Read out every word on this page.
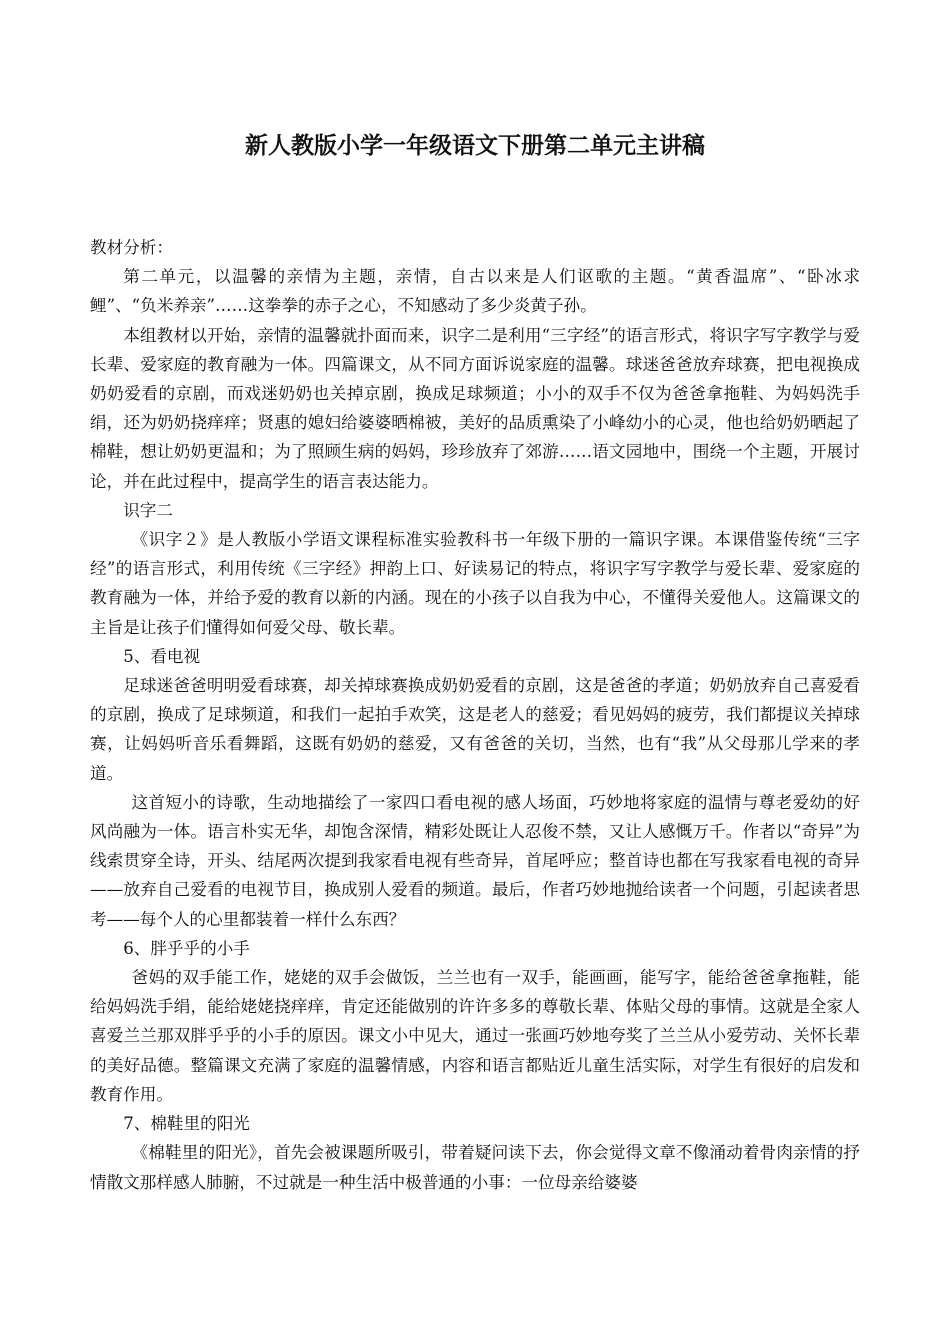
新人教版小学一年级语文下册第二单元主讲稿

教材分析：

第二单元，以温馨的亲情为主题，亲情，自古以来是人们讴歌的主题。“黄香温席”、“卧冰求鲤”、“负米养亲”……这拳拳的赤子之心，不知感动了多少炎黄子孙。

本组教材以开始，亲情的温馨就扑面而来，识字二是利用“三字经”的语言形式，将识字写字教学与爱长辈、爱家庭的教育融为一体。四篇课文，从不同方面诉说家庭的温馨。球迷爸爸放弃球赛，把电视换成奶奶爱看的京剧，而戏迷奶奶也关掉京剧，换成足球频道；小小的双手不仅为爸爸拿拖鞋、为妈妈洗手绢，还为奶奶挠痒痒；贤惠的媳妇给婆婆晒棉被，美好的品质熏染了小峰幼小的心灵，他也给奶奶晒起了棉鞋，想让奶奶更温和；为了照顾生病的妈妈，珍珍放弃了郊游……语文园地中，围绕一个主题，开展讨论，并在此过程中，提高学生的语言表达能力。

识字二

《识字２》是人教版小学语文课程标准实验教科书一年级下册的一篇识字课。本课借鉴传统“三字经”的语言形式，利用传统《三字经》押韵上口、好读易记的特点，将识字写字教学与爱长辈、爱家庭的教育融为一体，并给予爱的教育以新的内涵。现在的小孩子以自我为中心，不懂得关爱他人。这篇课文的主旨是让孩子们懂得如何爱父母、敬长辈。

5、看电视

足球迷爸爸明明爱看球赛，却关掉球赛换成奶奶爱看的京剧，这是爸爸的孝道；奶奶放弃自己喜爱看的京剧，换成了足球频道，和我们一起拍手欢笑，这是老人的慈爱；看见妈妈的疲劳，我们都提议关掉球赛，让妈妈听音乐看舞蹈，这既有奶奶的慈爱，又有爸爸的关切，当然，也有“我”从父母那儿学来的孝道。

这首短小的诗歌，生动地描绘了一家四口看电视的感人场面，巧妙地将家庭的温情与尊老爱幼的好风尚融为一体。语言朴实无华，却饱含深情，精彩处既让人忍俊不禁，又让人感慨万千。作者以“奇异”为线索贯穿全诗，开头、结尾两次提到我家看电视有些奇异，首尾呼应；整首诗也都在写我家看电视的奇异——放弃自己爱看的电视节目，换成别人爱看的频道。最后，作者巧妙地抛给读者一个问题，引起读者思考——每个人的心里都装着一样什么东西？

6、胖乎乎的小手

爸妈的双手能工作，姥姥的双手会做饭，兰兰也有一双手，能画画，能写字，能给爸爸拿拖鞋，能给妈妈洗手绢，能给姥姥挠痒痒，肯定还能做别的许许多多的尊敬长辈、体贴父母的事情。这就是全家人喜爱兰兰那双胖乎乎的小手的原因。课文小中见大，通过一张画巧妙地夸奖了兰兰从小爱劳动、关怀长辈的美好品德。整篇课文充满了家庭的温馨情感，内容和语言都贴近儿童生活实际，对学生有很好的启发和教育作用。

7、棉鞋里的阳光

《棉鞋里的阳光》，首先会被课题所吸引，带着疑问读下去，你会觉得文章不像涌动着骨肉亲情的抒情散文那样感人肺腑，不过就是一种生活中极普通的小事：一位母亲给婆婆
